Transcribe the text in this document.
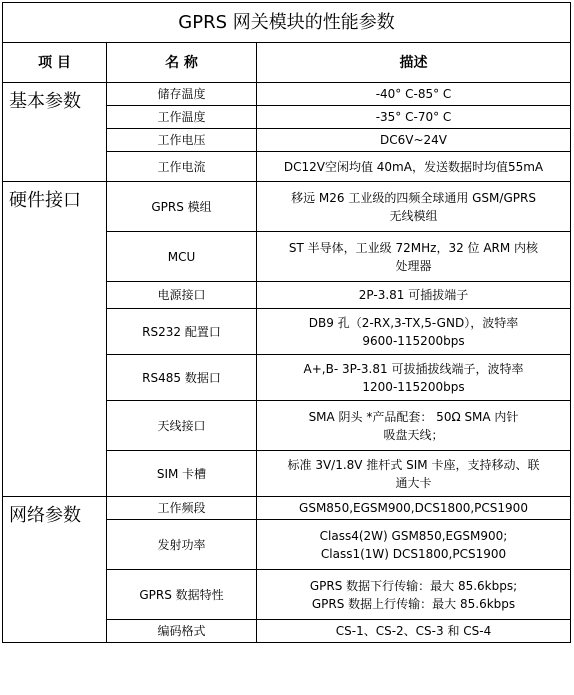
GPRS 网关模块的性能参数		
项 目	名 称	描述
基本参数	储存温度	-40° C-85° C
	工作温度	-35° C-70° C
	工作电压	DC6V~24V
	工作电流	DC12V空闲均值 40mA，发送数据时均值55mA
硬件接口	GPRS 模组	移远 M26 工业级的四频全球通用 GSM/GPRS
无线模组

	MCU	ST 半导体，工业级 72MHz，32 位 ARM 内核
处理器

	电源接口	2P-3.81 可插拔端子
	RS232 配置口	DB9 孔（2-RX,3-TX,5-GND），波特率
9600-115200bps

	RS485 数据口	A+,B- 3P-3.81 可拔插拔线端子，波特率
1200-115200bps

	天线接口	SMA 阴头 *产品配套： 50Ω SMA 内针
吸盘天线；

	SIM 卡槽	标准 3V/1.8V 推杆式 SIM 卡座，支持移动、联
通大卡

网络参数	工作频段	GSM850,EGSM900,DCS1800,PCS1900
	发射功率	Class4(2W) GSM850,EGSM900;
Class1(1W) DCS1800,PCS1900

	GPRS 数据特性	GPRS 数据下行传输：最大 85.6kbps;
GPRS 数据上行传输：最大 85.6kbps

	编码格式	CS-1、CS-2、CS-3 和 CS-4
